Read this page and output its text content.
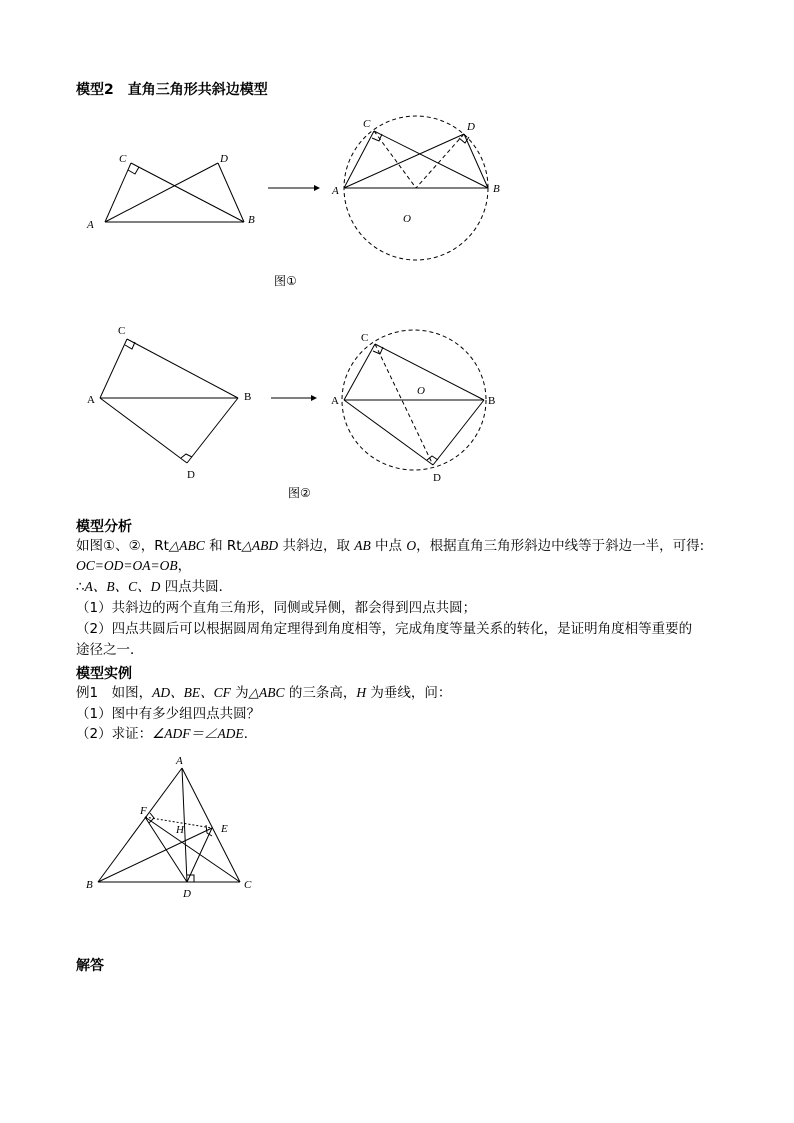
模型2　直角三角形共斜边模型
A	B
C	D
A	B
C	D
O
图①
A	B
C
D
A	B
C
D
O
图②
模型分析
如图①、②，Rt△ABC 和 Rt△ABD 共斜边，取 AB 中点 O，根据直角三角形斜边中线等于斜边一半，可得:
OC=OD=OA=OB，
∴A、B、C、D 四点共圆．
（1）共斜边的两个直角三角形，同侧或异侧，都会得到四点共圆；
（2）四点共圆后可以根据圆周角定理得到角度相等，完成角度等量关系的转化，是证明角度相等重要的
途径之一．
模型实例
例1　如图，AD、BE、CF 为△ABC 的三条高，H 为垂线，问：
（1）图中有多少组四点共圆？
（2）求证：∠ADF＝∠ADE．
A
B	C
D
E
F
H
解答
